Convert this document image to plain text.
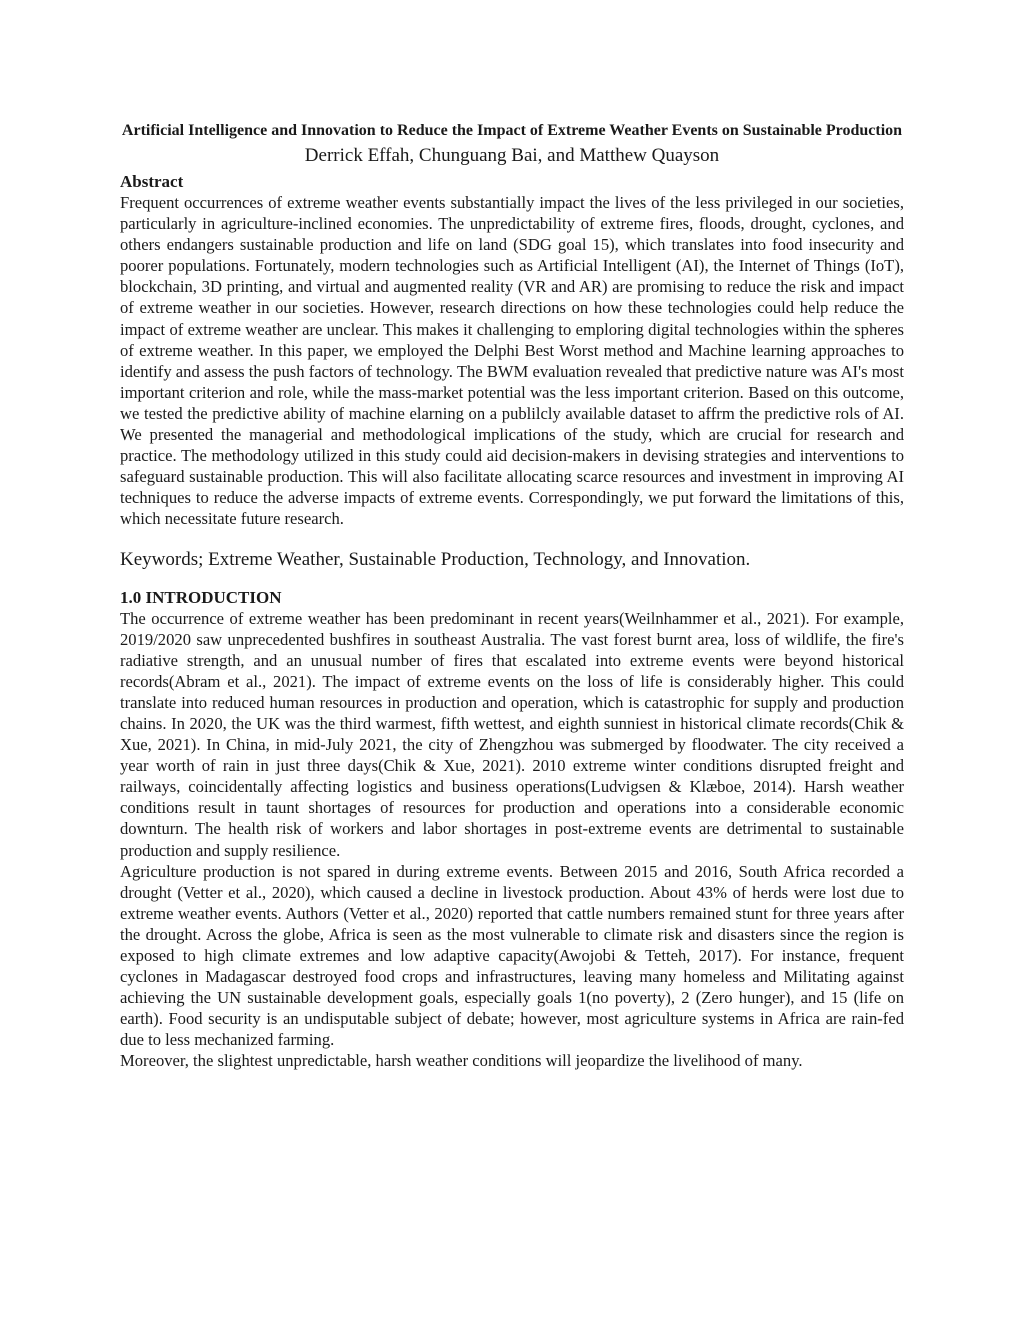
Artificial Intelligence and Innovation to Reduce the Impact of Extreme Weather Events on Sustainable Production
Derrick Effah, Chunguang Bai, and Matthew Quayson
Abstract

Frequent occurrences of extreme weather events substantially impact the lives of the less privileged in our societies, particularly in agriculture-inclined economies. The unpredictability of extreme fires, floods, drought, cyclones, and others endangers sustainable production and life on land (SDG goal 15), which translates into food insecurity and poorer populations. Fortunately, modern technologies such as Artificial Intelligent (AI), the Internet of Things (IoT), blockchain, 3D printing, and virtual and augmented reality (VR and AR) are promising to reduce the risk and impact of extreme weather in our societies. However, research directions on how these technologies could help reduce the impact of extreme weather are unclear. This makes it challenging to emploring digital technologies within the spheres of extreme weather. In this paper, we employed the Delphi Best Worst method and Machine learning approaches to identify and assess the push factors of technology. The BWM evaluation revealed that predictive nature was AI's most important criterion and role, while the mass-market potential was the less important criterion. Based on this outcome, we tested the predictive ability of machine elarning on a publilcly available dataset to affrm the predictive rols of AI. We presented the managerial and methodological implications of the study, which are crucial for research and practice. The methodology utilized in this study could aid decision-makers in devising strategies and interventions to safeguard sustainable production. This will also facilitate allocating scarce resources and investment in improving AI techniques to reduce the adverse impacts of extreme events. Correspondingly, we put forward the limitations of this, which necessitate future research.

Keywords; Extreme Weather, Sustainable Production, Technology, and Innovation.

1.0 INTRODUCTION

The occurrence of extreme weather has been predominant in recent years(Weilnhammer et al., 2021). For example, 2019/2020 saw unprecedented bushfires in southeast Australia. The vast forest burnt area, loss of wildlife, the fire's radiative strength, and an unusual number of fires that escalated into extreme events were beyond historical records(Abram et al., 2021). The impact of extreme events on the loss of life is considerably higher. This could translate into reduced human resources in production and operation, which is catastrophic for supply and production chains. In 2020, the UK was the third warmest, fifth wettest, and eighth sunniest in historical climate records(Chik & Xue, 2021). In China, in mid-July 2021, the city of Zhengzhou was submerged by floodwater. The city received a year worth of rain in just three days(Chik & Xue, 2021). 2010 extreme winter conditions disrupted freight and railways, coincidentally affecting logistics and business operations(Ludvigsen & Klæboe, 2014). Harsh weather conditions result in taunt shortages of resources for production and operations into a considerable economic downturn. The health risk of workers and labor shortages in post-extreme events are detrimental to sustainable production and supply resilience.

Agriculture production is not spared in during extreme events. Between 2015 and 2016, South Africa recorded a drought (Vetter et al., 2020), which caused a decline in livestock production. About 43% of herds were lost due to extreme weather events. Authors (Vetter et al., 2020) reported that cattle numbers remained stunt for three years after the drought. Across the globe, Africa is seen as the most vulnerable to climate risk and disasters since the region is exposed to high climate extremes and low adaptive capacity(Awojobi & Tetteh, 2017). For instance, frequent cyclones in Madagascar destroyed food crops and infrastructures, leaving many homeless and Militating against achieving the UN sustainable development goals, especially goals 1(no poverty), 2 (Zero hunger), and 15 (life on earth). Food security is an undisputable subject of debate; however, most agriculture systems in Africa are rain-fed due to less mechanized farming.

Moreover, the slightest unpredictable, harsh weather conditions will jeopardize the livelihood of many.
